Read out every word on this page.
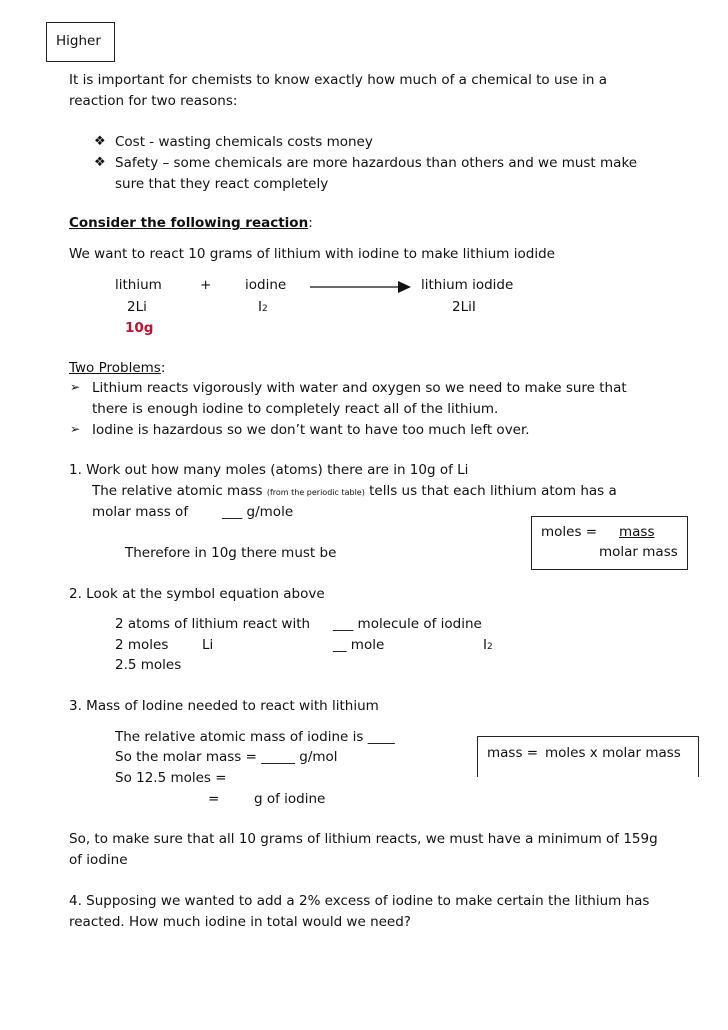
Higher
It is important for chemists to know exactly how much of a chemical to use in a
reaction for two reasons:
❖ Cost - wasting chemicals costs money
❖ Safety – some chemicals are more hazardous than others and we must make
sure that they react completely
Consider the following reaction:
We want to react 10 grams of lithium with iodine to make lithium iodide
lithium	+ iodine	lithium iodide
2Li	I2	2LiI
10g
Two Problems:
➢ Lithium reacts vigorously with water and oxygen so we need to make sure that
there is enough iodine to completely react all of the lithium.
➢ Iodine is hazardous so we don’t want to have too much left over.
1. Work out how many moles (atoms) there are in 10g of Li
The relative atomic mass (from the periodic table) tells us that each lithium atom has a
molar mass of	___ g/mole
Therefore in 10g there must be
moles = mass
molar mass
2. Look at the symbol equation above
2 atoms of lithium react with ___ molecule of iodine
2 moles Li	__ mole	I2
2.5 moles
3. Mass of Iodine needed to react with lithium
The relative atomic mass of iodine is ____
So the molar mass = _____ g/mol
So 12.5 moles =
=	g of iodine
mass = moles x molar mass
So, to make sure that all 10 grams of lithium reacts, we must have a minimum of 159g
of iodine
4. Supposing we wanted to add a 2% excess of iodine to make certain the lithium has
reacted. How much iodine in total would we need?
